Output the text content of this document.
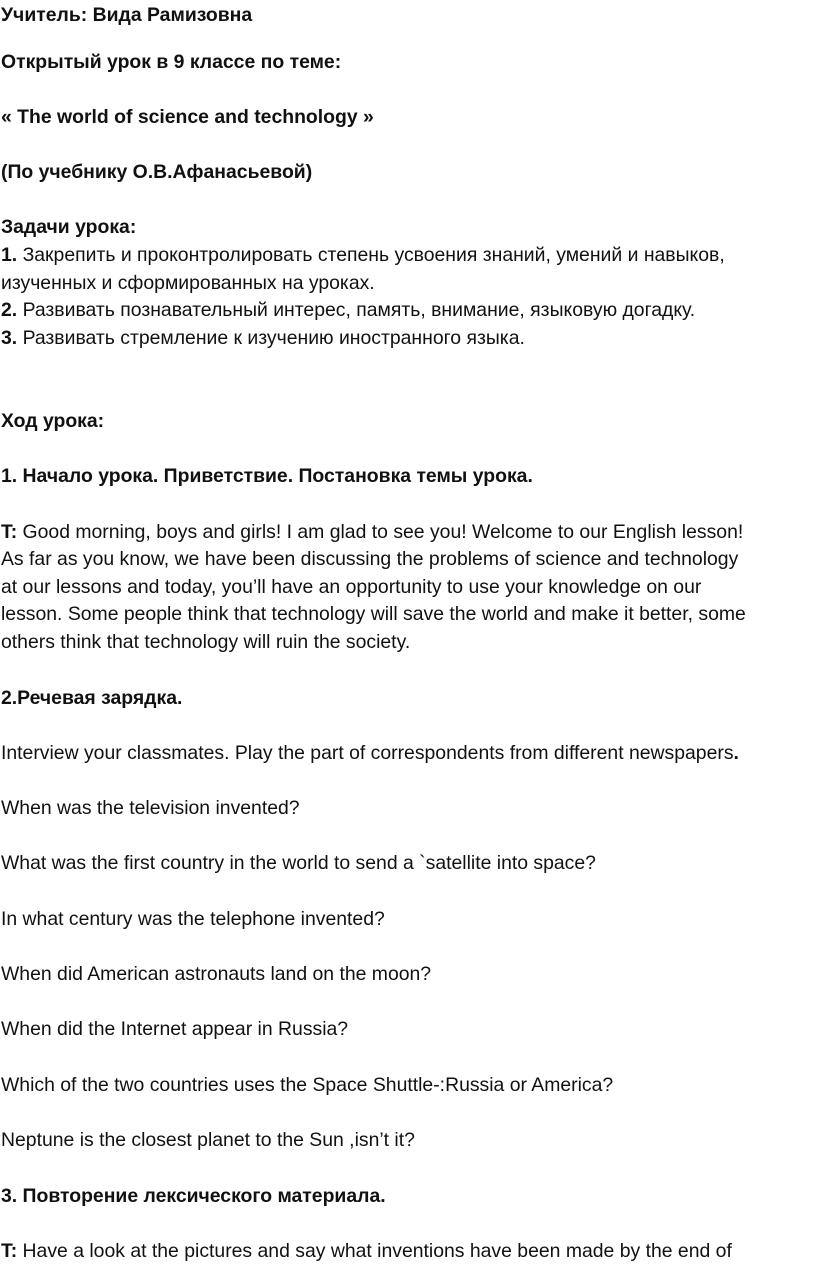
Учитель: Вида Рамизовна
Открытый урок в 9 классе по теме:
« The world of science and technology »
(По учебнику О.В.Афанасьевой)
Задачи урока:
1. Закрепить и проконтролировать степень усвоения знаний, умений и навыков,
изученных и сформированных на уроках.
2. Развивать познавательный интерес, память, внимание, языковую догадку.
3. Развивать стремление к изучению иностранного языка.
Ход урока:
1. Начало урока. Приветствие. Постановка темы урока.
T: Good morning, boys and girls! I am glad to see you! Welcome to our English lesson!
As far as you know, we have been discussing the problems of science and technology
at our lessons and today, you’ll have an opportunity to use your knowledge on our
lesson. Some people think that technology will save the world and make it better, some
others think that technology will ruin the society.
2.Речевая зарядка.
Interview your classmates. Play the part of correspondents from different newspapers.
When was the television invented?
What was the first country in the world to send a `satellite into space?
In what century was the telephone invented?
When did American astronauts land on the moon?
When did the Internet appear in Russia?
Which of the two countries uses the Space Shuttle-:Russia or America?
Neptune is the closest planet to the Sun ,isn’t it?
3. Повторение лексического материала.
T: Have a look at the pictures and say what inventions have been made by the end of
